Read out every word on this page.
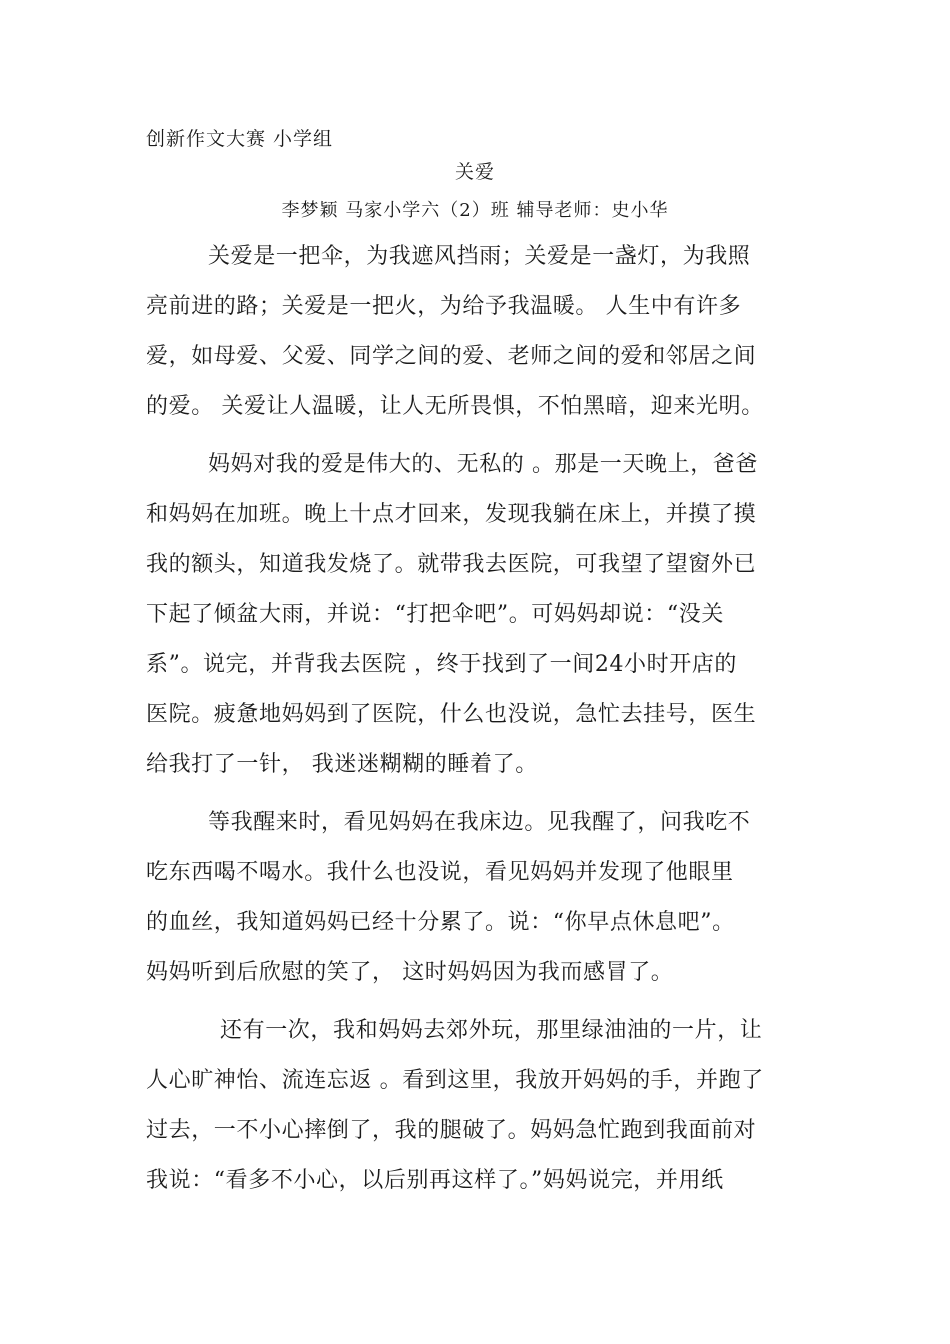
创新作文大赛 小学组
关爱
李梦颖 马家小学六（2）班 辅导老师：史小华
关爱是一把伞，为我遮风挡雨；关爱是一盏灯，为我照
亮前进的路；关爱是一把火，为给予我温暖。 人生中有许多
爱，如母爱、父爱、同学之间的爱、老师之间的爱和邻居之间
的爱。 关爱让人温暖，让人无所畏惧，不怕黑暗，迎来光明。
妈妈对我的爱是伟大的、无私的 。那是一天晚上，爸爸
和妈妈在加班。晚上十点才回来，发现我躺在床上，并摸了摸
我的额头，知道我发烧了。就带我去医院，可我望了望窗外已
下起了倾盆大雨，并说：“打把伞吧”。可妈妈却说：“没关
系”。说完，并背我去医院 ，终于找到了一间24小时开店的
医院。疲惫地妈妈到了医院，什么也没说，急忙去挂号，医生
给我打了一针， 我迷迷糊糊的睡着了。
等我醒来时，看见妈妈在我床边。见我醒了，问我吃不
吃东西喝不喝水。我什么也没说，看见妈妈并发现了他眼里
的血丝，我知道妈妈已经十分累了。说：“你早点休息吧”。
妈妈听到后欣慰的笑了， 这时妈妈因为我而感冒了。
还有一次，我和妈妈去郊外玩，那里绿油油的一片，让
人心旷神怡、流连忘返 。看到这里，我放开妈妈的手，并跑了
过去，一不小心摔倒了，我的腿破了。妈妈急忙跑到我面前对
我说：“看多不小心，以后别再这样了。”妈妈说完，并用纸
